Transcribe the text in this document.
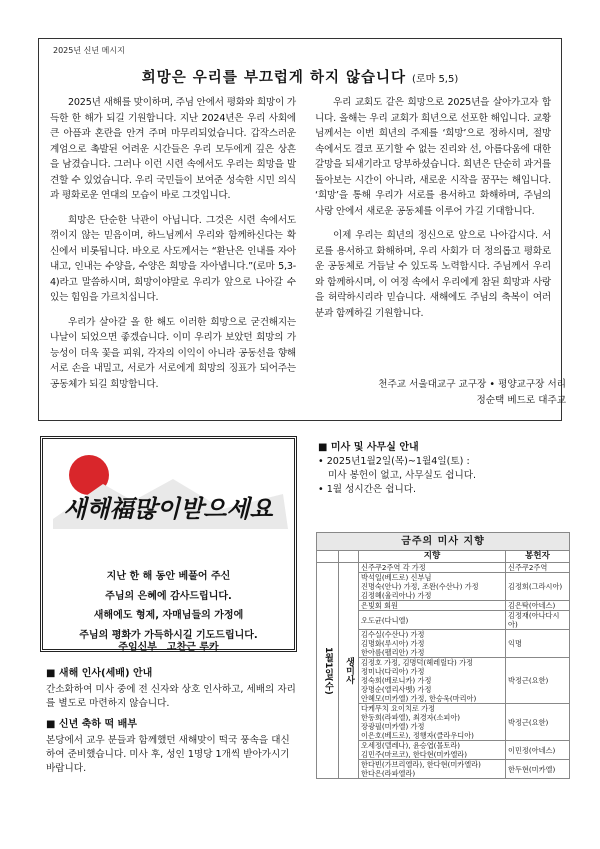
2025년 신년 메시지
희망은 우리를 부끄럽게 하지 않습니다 (로마 5,5)

2025년 새해를 맞이하며, 주님 안에서 평화와 희망이 가득한 한 해가 되길 기원합니다. 지난 2024년은 우리 사회에 큰 아픔과 혼란을 안겨 주며 마무리되었습니다. 갑작스러운 계엄으로 촉발된 어려운 시간들은 우리 모두에게 깊은 상흔을 남겼습니다. 그러나 이런 시련 속에서도 우리는 희망을 발견할 수 있었습니다. 우리 국민들이 보여준 성숙한 시민 의식과 평화로운 연대의 모습이 바로 그것입니다.

희망은 단순한 낙관이 아닙니다. 그것은 시련 속에서도 꺾이지 않는 믿음이며, 하느님께서 우리와 함께하신다는 확신에서 비롯됩니다. 바오로 사도께서는 “환난은 인내를 자아내고, 인내는 수양을, 수양은 희망을 자아냅니다.”(로마 5,3-4)라고 말씀하시며, 희망이야말로 우리가 앞으로 나아갈 수 있는 힘임을 가르치십니다.

우리가 살아갈 올 한 해도 이러한 희망으로 굳건해지는 나날이 되었으면 좋겠습니다. 이미 우리가 보았던 희망의 가능성이 더욱 꽃을 피워, 각자의 이익이 아니라 공동선을 향해 서로 손을 내밀고, 서로가 서로에게 희망의 징표가 되어주는 공동체가 되길 희망합니다.

우리 교회도 같은 희망으로 2025년을 살아가고자 합니다. 올해는 우리 교회가 희년으로 선포한 해입니다. 교황님께서는 이번 희년의 주제를 ‘희망’으로 정하시며, 절망 속에서도 결코 포기할 수 없는 진리와 선, 아름다움에 대한 갈망을 되새기라고 당부하셨습니다. 희년은 단순히 과거를 돌아보는 시간이 아니라, 새로운 시작을 꿈꾸는 해입니다. ‘희망’을 통해 우리가 서로를 용서하고 화해하며, 주님의 사랑 안에서 새로운 공동체를 이루어 가길 기대합니다.

이제 우리는 희년의 정신으로 앞으로 나아갑시다. 서로를 용서하고 화해하며, 우리 사회가 더 정의롭고 평화로운 공동체로 거듭날 수 있도록 노력합시다. 주님께서 우리와 함께하시며, 이 여정 속에서 우리에게 참된 희망과 사랑을 허락하시리라 믿습니다. 새해에도 주님의 축복이 여러분과 함께하길 기원합니다.

천주교 서울대교구 교구장 • 평양교구장 서리
정순택 베드로 대주교
새해福많이받으세요
지난 한 해 동안 베풀어 주신
주님의 은혜에 감사드립니다.
새해에도 형제, 자매님들의 가정에
주님의 평화가 가득하시길 기도드립니다.
주임신부　고찬근 루카
■ 새해 인사(세배) 안내
간소화하여 미사 중에 전 신자와 상호 인사하고, 세배의 자리를 별도로 마련하지 않습니다.
■ 신년 축하 떡 배부
본당에서 교우 분들과 함께했던 새해맞이 떡국 풍속을 대신하여 준비했습니다. 미사 후, 성인 1명당 1개씩 받아가시기 바랍니다.
■ 미사 및 사무실 안내
• 2025년1월2일(목)~1월4일(토) :
미사 봉헌이 없고, 사무실도 쉽니다.
• 1월 성시간은 쉽니다.
금주의 미사 지향			
		지향	봉헌자
1월1일(수)	생미사	신주쿠2주역 각 가정	신주쿠2주역

		박석일(베드로) 신부님
진명숙(안나) 가정, 조완(수산나) 가정
김정혜(율리아나) 가정	김정희(그라시아)

		은빛회 회원	김은탁(아네스)

		오도균(다니엘)	김정재(아나다시아)

		김수실(수산나) 가정
김명화(루시아) 가정
한아름(펠리안) 가정	익명

		김정호 가정, 김명덕(헤레릴다) 가정
정미나(다리아) 가정
정숙희(베로니카) 가정
장명순(엘리사벳) 가정
안혜모(미카엘) 가정, 한승욱(마리아)	박정근(요한)

		다케무치 요이치로 가정
한동희(라파엘), 최경자(소피아)
장광필(미카엘) 가정
이은호(베드로), 정행자(클라우디아)	박정근(요한)

		오세정(델레나), 윤승엽(몰토라)
김민주(마르코), 한다현(미카엘라)	이민정(아네스)

		한다빈(가브리엘라), 한다현(미카엘라)
한다은(라파엘라)	한두현(미카엘)
